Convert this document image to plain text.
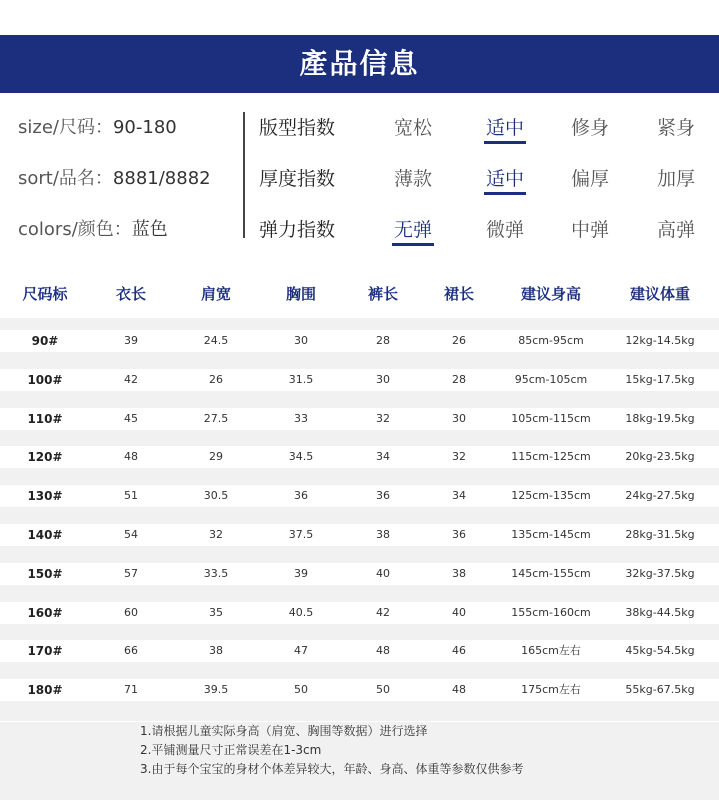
產品信息
size/尺码：90-180
sort/品名：8881/8882
colors/颜色：蓝色
版型指数	宽松	适中	修身	紧身
厚度指数	薄款	适中	偏厚	加厚
弹力指数	无弹	微弹	中弹	高弹
尺码标	衣长	肩宽	胸围	裤长	裙长	建议身高	建议体重
90#	39	24.5	30	28	26	85cm-95cm	12kg-14.5kg
100#	42	26	31.5	30	28	95cm-105cm	15kg-17.5kg
110#	45	27.5	33	32	30	105cm-115cm	18kg-19.5kg
120#	48	29	34.5	34	32	115cm-125cm	20kg-23.5kg
130#	51	30.5	36	36	34	125cm-135cm	24kg-27.5kg
140#	54	32	37.5	38	36	135cm-145cm	28kg-31.5kg
150#	57	33.5	39	40	38	145cm-155cm	32kg-37.5kg
160#	60	35	40.5	42	40	155cm-160cm	38kg-44.5kg
170#	66	38	47	48	46	165cm左右	45kg-54.5kg
180#	71	39.5	50	50	48	175cm左右	55kg-67.5kg
1.请根据儿童实际身高（肩宽、胸围等数据）进行选择
2.平铺测量尺寸正常误差在1-3cm
3.由于每个宝宝的身材个体差异较大，年龄、身高、体重等参数仅供参考
